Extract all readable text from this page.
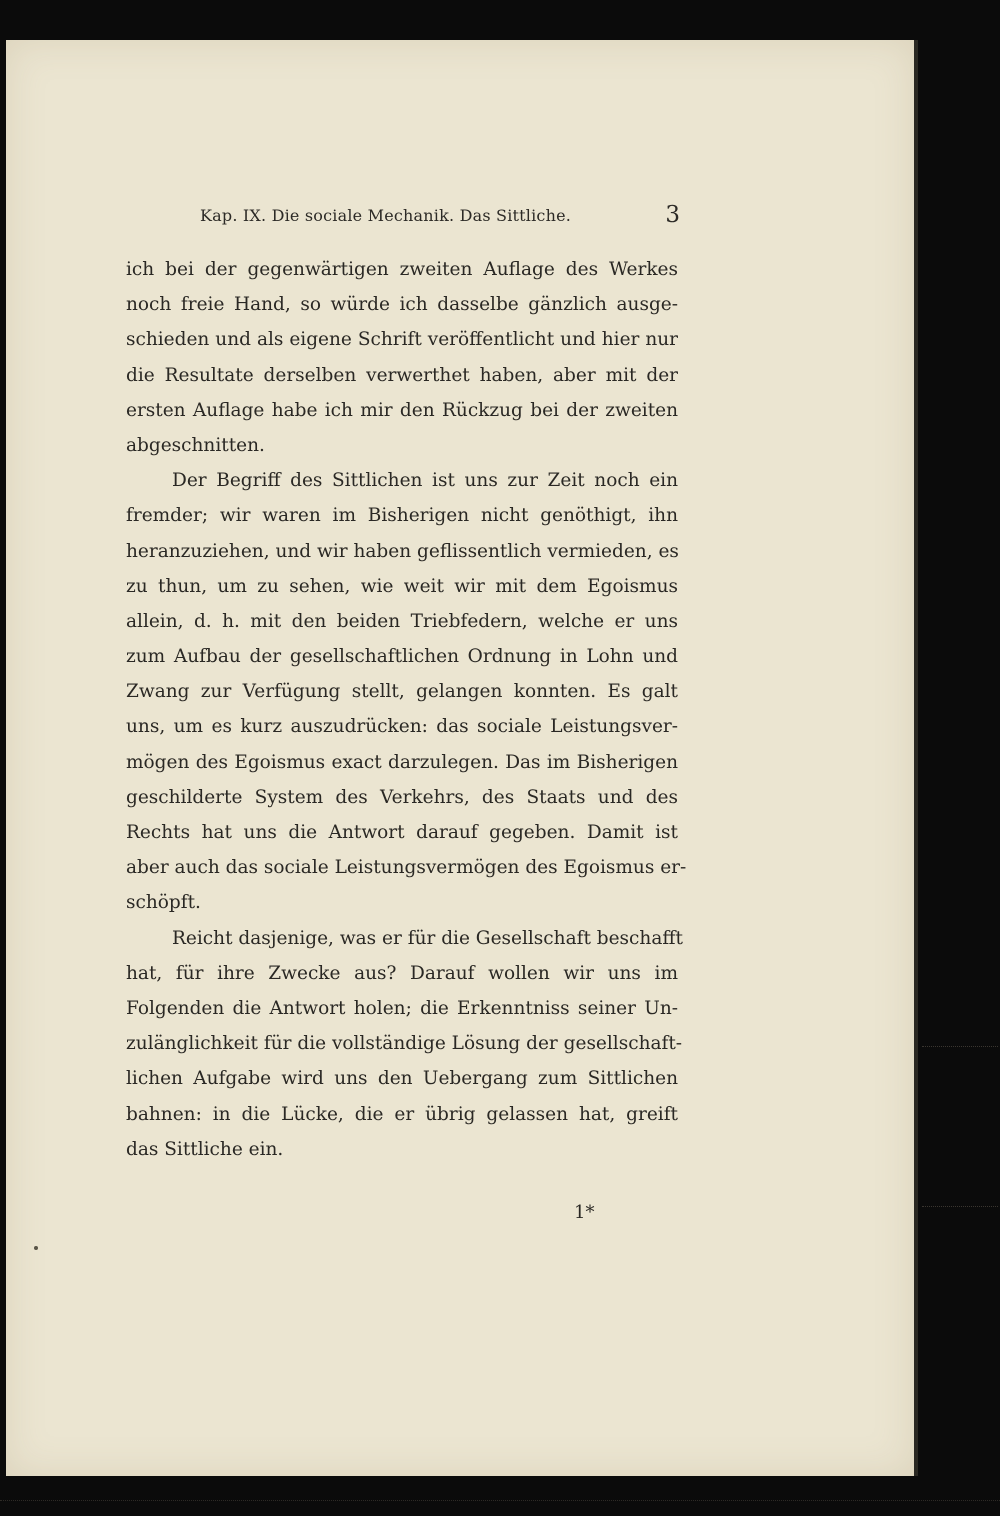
Kap. IX. Die sociale Mechanik. Das Sittliche.	3
ich bei der gegenwärtigen zweiten Auflage des Werkes
noch freie Hand, so würde ich dasselbe gänzlich ausge-
schieden und als eigene Schrift veröffentlicht und hier nur
die Resultate derselben verwerthet haben, aber mit der
ersten Auflage habe ich mir den Rückzug bei der zweiten
abgeschnitten.
Der Begriff des Sittlichen ist uns zur Zeit noch ein
fremder; wir waren im Bisherigen nicht genöthigt, ihn
heranzuziehen, und wir haben geflissentlich vermieden, es
zu thun, um zu sehen, wie weit wir mit dem Egoismus
allein, d. h. mit den beiden Triebfedern, welche er uns
zum Aufbau der gesellschaftlichen Ordnung in Lohn und
Zwang zur Verfügung stellt, gelangen konnten. Es galt
uns, um es kurz auszudrücken: das sociale Leistungsver-
mögen des Egoismus exact darzulegen. Das im Bisherigen
geschilderte System des Verkehrs, des Staats und des
Rechts hat uns die Antwort darauf gegeben. Damit ist
aber auch das sociale Leistungsvermögen des Egoismus er-
schöpft.
Reicht dasjenige, was er für die Gesellschaft beschafft
hat, für ihre Zwecke aus? Darauf wollen wir uns im
Folgenden die Antwort holen; die Erkenntniss seiner Un-
zulänglichkeit für die vollständige Lösung der gesellschaft-
lichen Aufgabe wird uns den Uebergang zum Sittlichen
bahnen: in die Lücke, die er übrig gelassen hat, greift
das Sittliche ein.
1*
